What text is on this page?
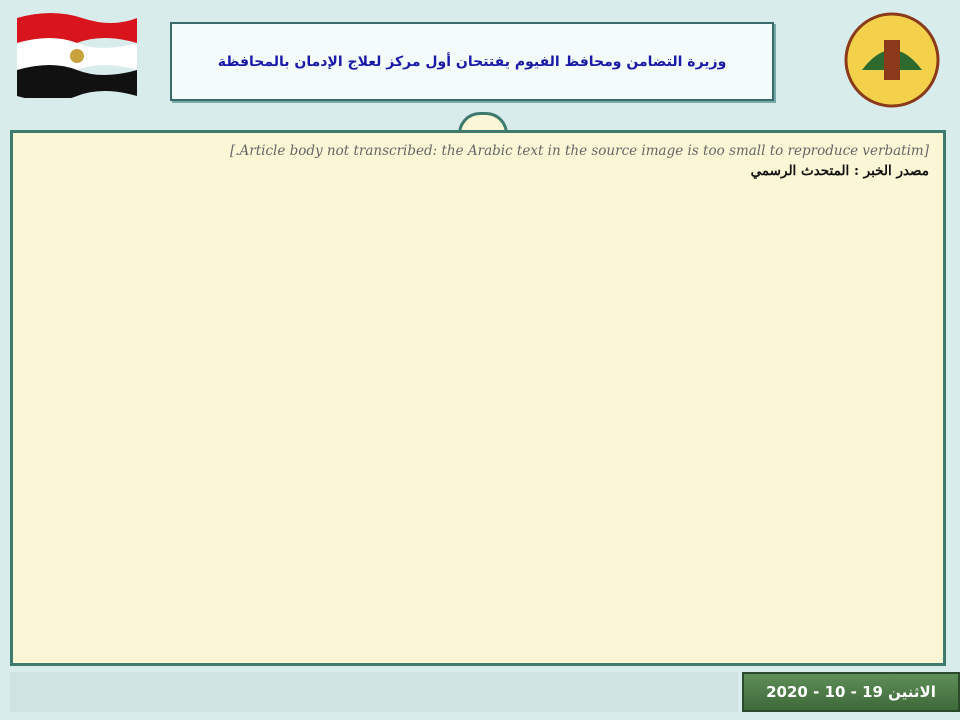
وزيرة التضامن ومحافظ الفيوم يفتتحان أول مركز لعلاج الإدمان بالمحافظة

[Article body not transcribed: the Arabic text in the source image is too small to reproduce verbatim.]

مصدر الخبر : المتحدث الرسمي

الاثنين 19 - 10 - 2020
